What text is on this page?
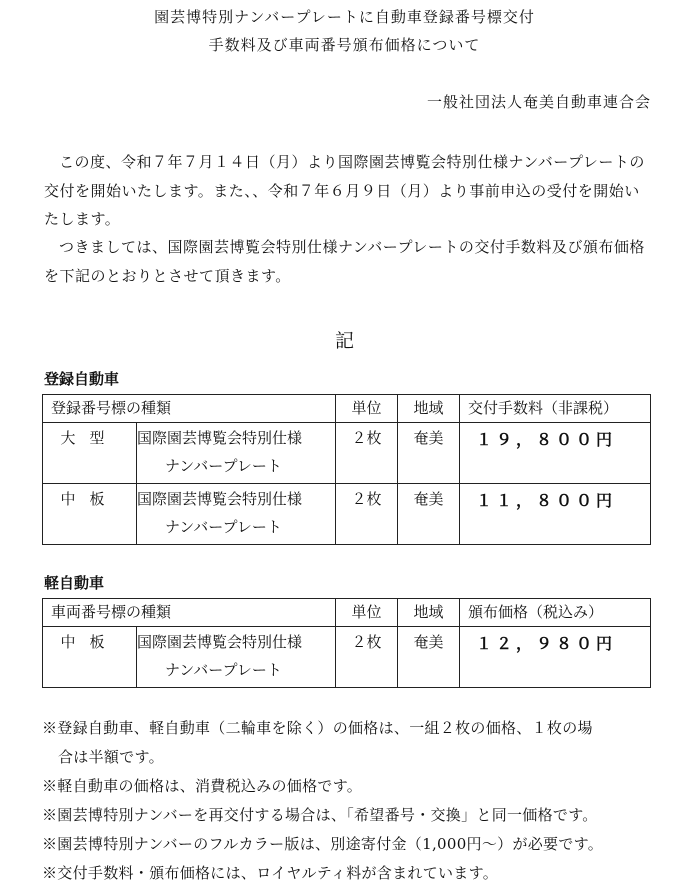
園芸博特別ナンバープレートに自動車登録番号標交付
手数料及び車両番号頒布価格について
一般社団法人奄美自動車連合会
この度、令和７年７月１４日（月）より国際園芸博覧会特別仕様ナンバープレートの交付を開始いたします。また、、令和７年６月９日（月）より事前申込の受付を開始いたします。
つきましては、国際園芸博覧会特別仕様ナンバープレートの交付手数料及び頒布価格を下記のとおりとさせて頂きます。
記
登録自動車
登録番号標の種類		単位	地域	交付手数料（非課税）
大型	国際園芸博覧会特別仕様
ナンバープレート	２枚	奄美	１９，８００円
中板	国際園芸博覧会特別仕様
ナンバープレート	２枚	奄美	１１，８００円
軽自動車
車両番号標の種類		単位	地域	頒布価格（税込み）
中板	国際園芸博覧会特別仕様
ナンバープレート	２枚	奄美	１２，９８０円
※登録自動車、軽自動車（二輪車を除く）の価格は、一組２枚の価格、１枚の場
合は半額です。
※軽自動車の価格は、消費税込みの価格です。
※園芸博特別ナンバーを再交付する場合は、「希望番号・交換」と同一価格です。
※園芸博特別ナンバーのフルカラー版は、別途寄付金（1,000円～）が必要です。
※交付手数料・頒布価格には、ロイヤルティ料が含まれています。
